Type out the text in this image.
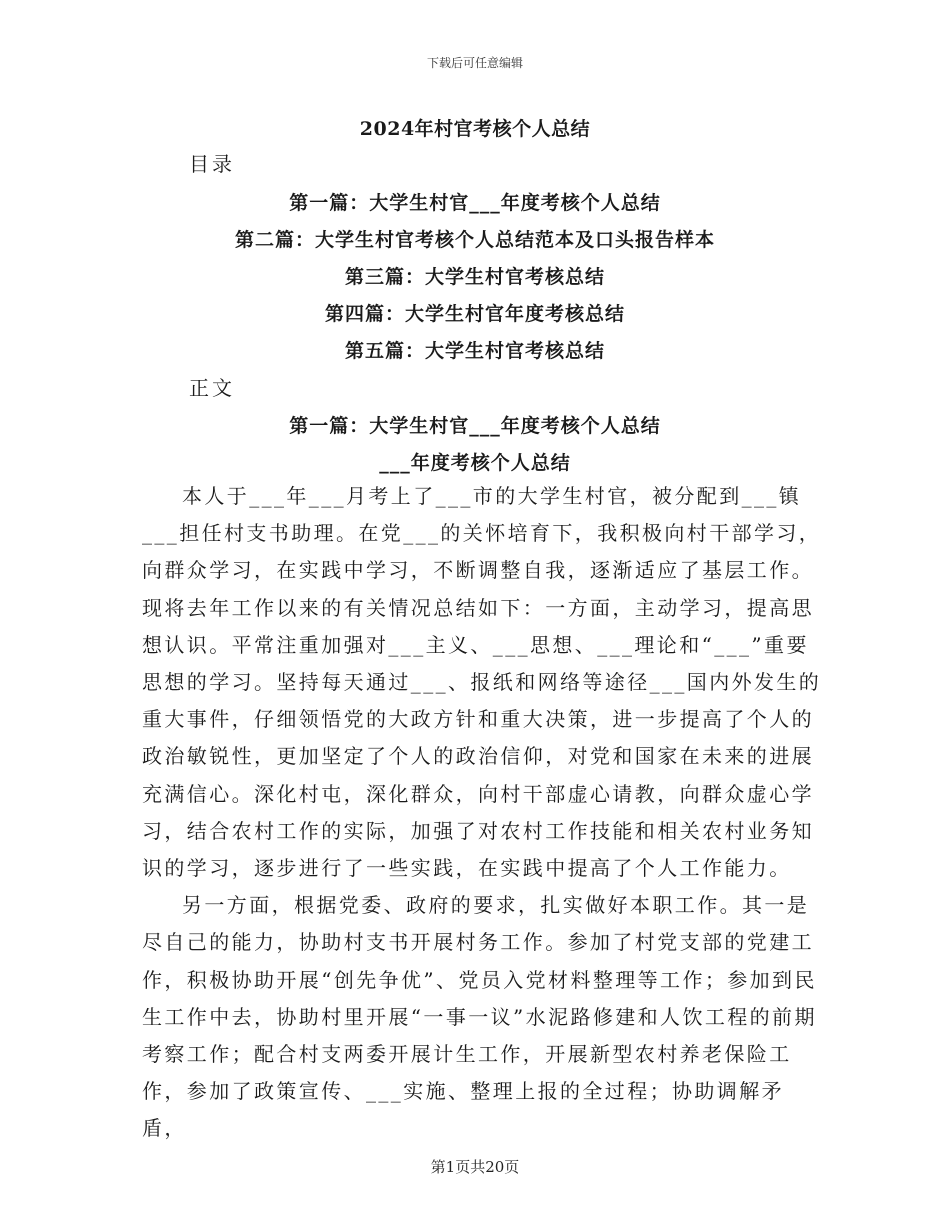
下载后可任意编辑
2024年村官考核个人总结
目录
第一篇：大学生村官___年度考核个人总结
第二篇：大学生村官考核个人总结范本及口头报告样本
第三篇：大学生村官考核总结
第四篇：大学生村官年度考核总结
第五篇：大学生村官考核总结
正文
第一篇：大学生村官___年度考核个人总结
___年度考核个人总结

本人于___年___月考上了___市的大学生村官，被分配到___镇___担任村支书助理。在党___的关怀培育下，我积极向村干部学习，向群众学习，在实践中学习，不断调整自我，逐渐适应了基层工作。现将去年工作以来的有关情况总结如下：一方面，主动学习，提高思想认识。平常注重加强对___主义、___思想、___理论和“___”重要思想的学习。坚持每天通过___、报纸和网络等途径___国内外发生的重大事件，仔细领悟党的大政方针和重大决策，进一步提高了个人的政治敏锐性，更加坚定了个人的政治信仰，对党和国家在未来的进展充满信心。深化村屯，深化群众，向村干部虚心请教，向群众虚心学习，结合农村工作的实际，加强了对农村工作技能和相关农村业务知识的学习，逐步进行了一些实践，在实践中提高了个人工作能力。

另一方面，根据党委、政府的要求，扎实做好本职工作。其一是尽自己的能力，协助村支书开展村务工作。参加了村党支部的党建工作，积极协助开展“创先争优”、党员入党材料整理等工作；参加到民生工作中去，协助村里开展“一事一议”水泥路修建和人饮工程的前期考察工作；配合村支两委开展计生工作，开展新型农村养老保险工作，参加了政策宣传、___实施、整理上报的全过程；协助调解矛盾，

第1页共20页
